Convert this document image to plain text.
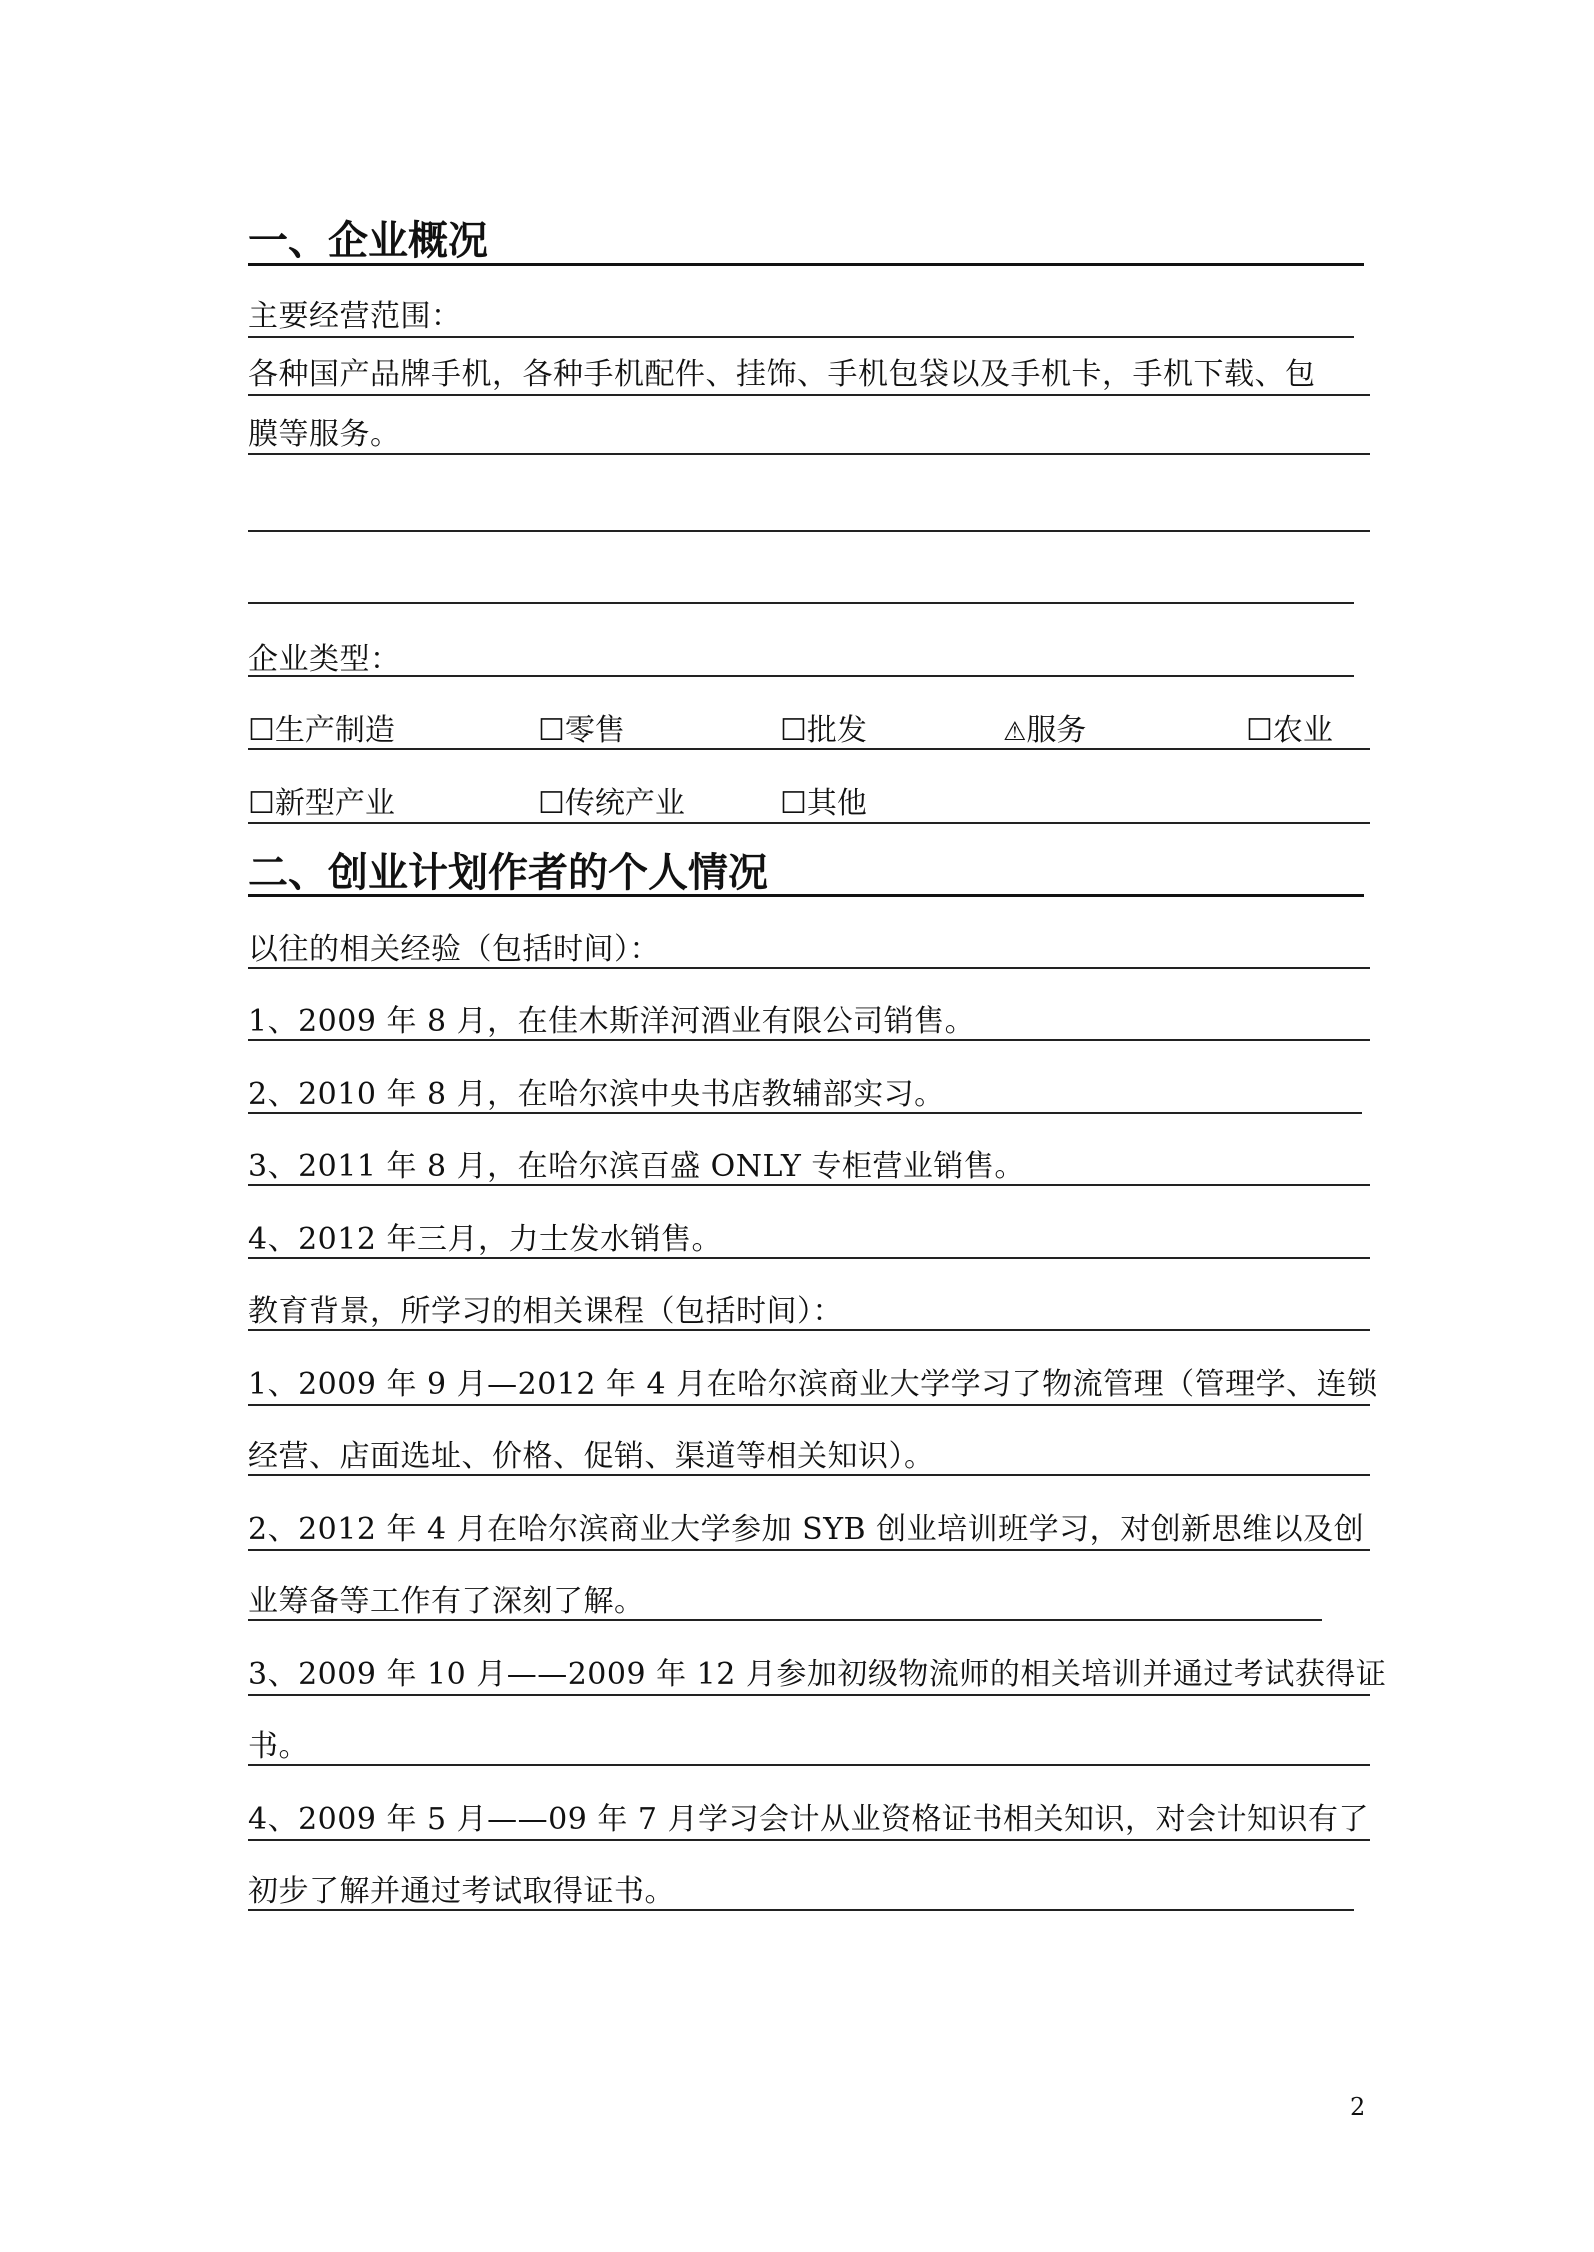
一、企业概况
主要经营范围：
各种国产品牌手机，各种手机配件、挂饰、手机包袋以及手机卡，手机下载、包
膜等服务。
企业类型：
☐生产制造	☐零售	☐批发	⚠服务	☐农业
☐新型产业	☐传统产业	☐其他
二、创业计划作者的个人情况
以往的相关经验（包括时间）：
1、2009 年 8 月，在佳木斯洋河酒业有限公司销售。
2、2010 年 8 月，在哈尔滨中央书店教辅部实习。
3、2011 年 8 月，在哈尔滨百盛 ONLY 专柜营业销售。
4、2012 年三月，力士发水销售。
教育背景，所学习的相关课程（包括时间）：
1、2009 年 9 月—2012 年 4 月在哈尔滨商业大学学习了物流管理（管理学、连锁
经营、店面选址、价格、促销、渠道等相关知识）。
2、2012 年 4 月在哈尔滨商业大学参加 SYB 创业培训班学习，对创新思维以及创
业筹备等工作有了深刻了解。
3、2009 年 10 月——2009 年 12 月参加初级物流师的相关培训并通过考试获得证
书。
4、2009 年 5 月——09 年 7 月学习会计从业资格证书相关知识，对会计知识有了
初步了解并通过考试取得证书。
2
